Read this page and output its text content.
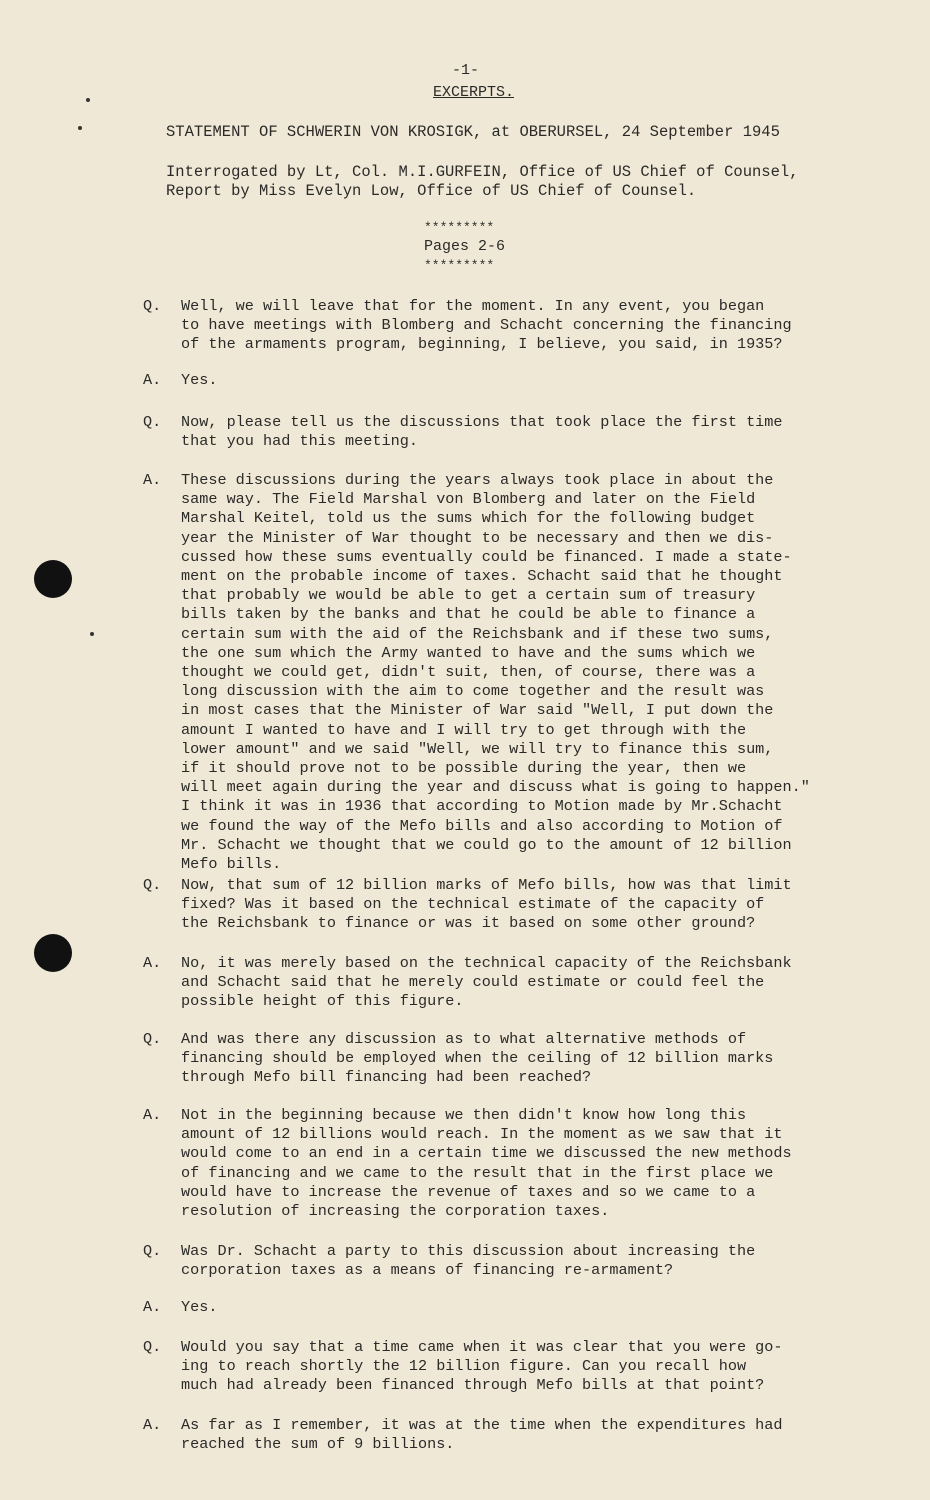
-1-
EXCERPTS.
STATEMENT OF SCHWERIN VON KROSIGK, at OBERURSEL, 24 September 1945
Interrogated by Lt, Col. M.I.GURFEIN, Office of US Chief of Counsel,
Report by Miss Evelyn Low, Office of US Chief of Counsel.
*********
Pages 2-6
*********
Q. Well, we will leave that for the moment. In any event, you began
to have meetings with Blomberg and Schacht concerning the financing
of the armaments program, beginning, I believe, you said, in 1935?
A. Yes.
Q. Now, please tell us the discussions that took place the first time
that you had this meeting.
A. These discussions during the years always took place in about the
same way. The Field Marshal von Blomberg and later on the Field
Marshal Keitel, told us the sums which for the following budget
year the Minister of War thought to be necessary and then we dis-
cussed how these sums eventually could be financed. I made a state-
ment on the probable income of taxes. Schacht said that he thought
that probably we would be able to get a certain sum of treasury
bills taken by the banks and that he could be able to finance a
certain sum with the aid of the Reichsbank and if these two sums,
the one sum which the Army wanted to have and the sums which we
thought we could get, didn't suit, then, of course, there was a
long discussion with the aim to come together and the result was
in most cases that the Minister of War said "Well, I put down the
amount I wanted to have and I will try to get through with the
lower amount" and we said "Well, we will try to finance this sum,
if it should prove not to be possible during the year, then we
will meet again during the year and discuss what is going to happen."
I think it was in 1936 that according to Motion made by Mr.Schacht
we found the way of the Mefo bills and also according to Motion of
Mr. Schacht we thought that we could go to the amount of 12 billion
Mefo bills.
Q. Now, that sum of 12 billion marks of Mefo bills, how was that limit
fixed? Was it based on the technical estimate of the capacity of
the Reichsbank to finance or was it based on some other ground?
A. No, it was merely based on the technical capacity of the Reichsbank
and Schacht said that he merely could estimate or could feel the
possible height of this figure.
Q. And was there any discussion as to what alternative methods of
financing should be employed when the ceiling of 12 billion marks
through Mefo bill financing had been reached?
A. Not in the beginning because we then didn't know how long this
amount of 12 billions would reach. In the moment as we saw that it
would come to an end in a certain time we discussed the new methods
of financing and we came to the result that in the first place we
would have to increase the revenue of taxes and so we came to a
resolution of increasing the corporation taxes.
Q. Was Dr. Schacht a party to this discussion about increasing the
corporation taxes as a means of financing re-armament?
A. Yes.
Q. Would you say that a time came when it was clear that you were go-
ing to reach shortly the 12 billion figure. Can you recall how
much had already been financed through Mefo bills at that point?
A. As far as I remember, it was at the time when the expenditures had
reached the sum of 9 billions.
